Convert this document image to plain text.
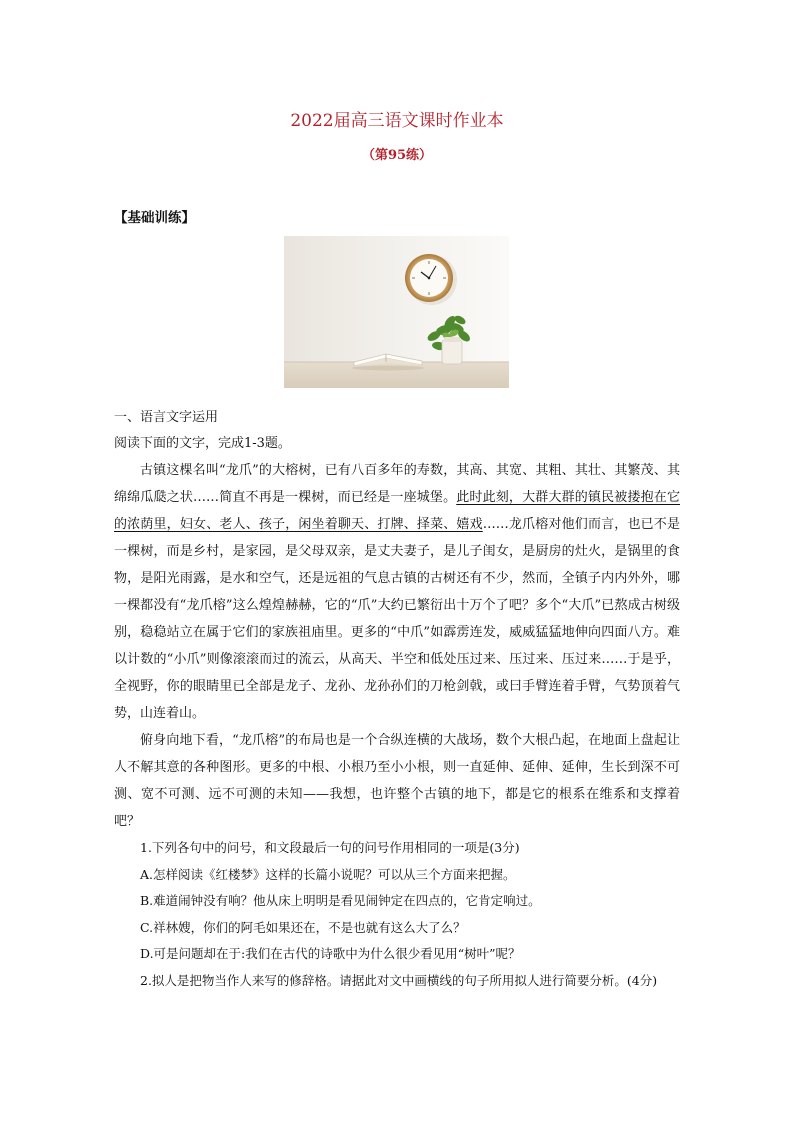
2022届高三语文课时作业本
（第95练）
【基础训练】
一、语言文字运用

阅读下面的文字，完成1-3题。

古镇这棵名叫“龙爪”的大榕树，已有八百多年的寿数，其高、其宽、其粗、其壮、其繁茂、其绵绵瓜瓞之状……简直不再是一棵树，而已经是一座城堡。此时此刻，大群大群的镇民被搂抱在它的浓荫里，妇女、老人、孩子，闲坐着聊天、打牌、择菜、嬉戏……龙爪榕对他们而言，也已不是一棵树，而是乡村，是家园，是父母双亲，是丈夫妻子，是儿子闺女，是厨房的灶火，是锅里的食物，是阳光雨露，是水和空气，还是远祖的气息古镇的古树还有不少，然而，全镇子内内外外，哪一棵都没有“龙爪榕”这么煌煌赫赫，它的“爪”大约已繁衍出十万个了吧？多个“大爪”已熬成古树级别，稳稳站立在属于它们的家族祖庙里。更多的“中爪”如霹雳连发，威威猛猛地伸向四面八方。难以计数的“小爪”则像滚滚而过的流云，从高天、半空和低处压过来、压过来、压过来……于是乎，全视野，你的眼睛里已全部是龙子、龙孙、龙孙孙们的刀枪剑戟，或曰手臂连着手臂，气势顶着气势，山连着山。

俯身向地下看，“龙爪榕”的布局也是一个合纵连横的大战场，数个大根凸起，在地面上盘起让人不解其意的各种图形。更多的中根、小根乃至小小根，则一直延伸、延伸、延伸，生长到深不可测、宽不可测、远不可测的未知——我想，也许整个古镇的地下，都是它的根系在维系和支撑着吧？

1.下列各句中的问号，和文段最后一句的问号作用相同的一项是(3分)

A.怎样阅读《红楼梦》这样的长篇小说呢？可以从三个方面来把握。

B.难道闹钟没有响？他从床上明明是看见闹钟定在四点的，它肯定响过。

C.祥林嫂，你们的阿毛如果还在，不是也就有这么大了么？

D.可是问题却在于:我们在古代的诗歌中为什么很少看见用“树叶”呢？

2.拟人是把物当作人来写的修辞格。请据此对文中画横线的句子所用拟人进行简要分析。(4分)
